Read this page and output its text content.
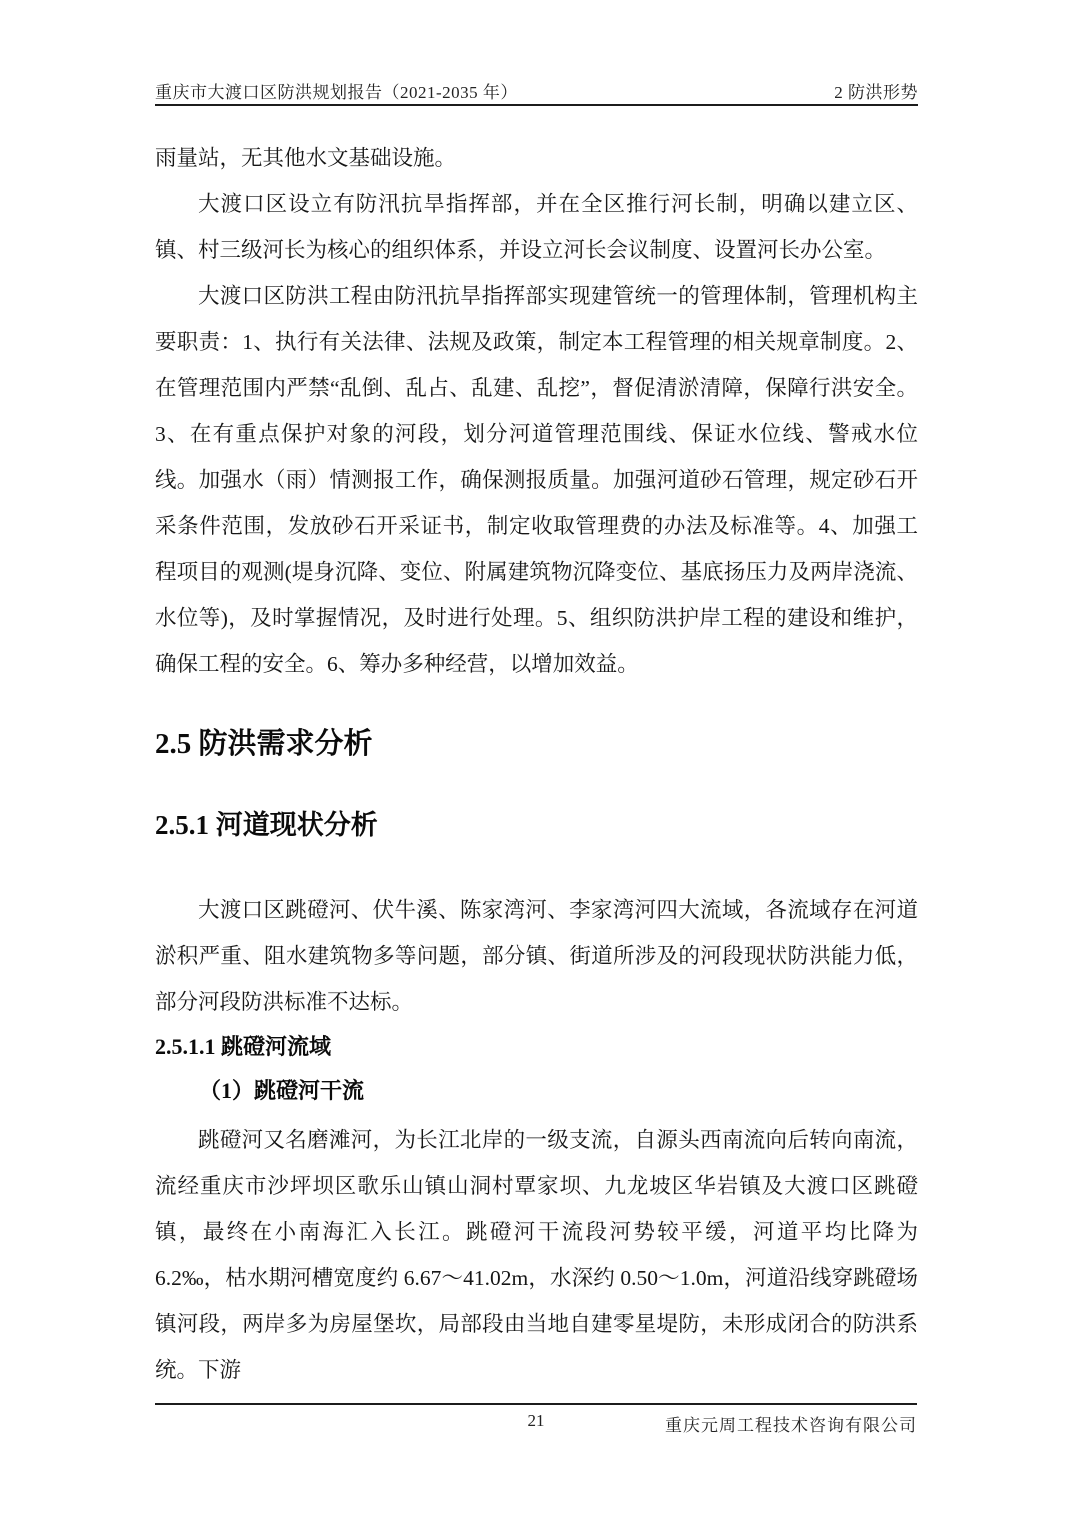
重庆市大渡口区防洪规划报告（2021-2035 年）	2 防洪形势

雨量站，无其他水文基础设施。

大渡口区设立有防汛抗旱指挥部，并在全区推行河长制，明确以建立区、镇、村三级河长为核心的组织体系，并设立河长会议制度、设置河长办公室。

大渡口区防洪工程由防汛抗旱指挥部实现建管统一的管理体制，管理机构主要职责：1、执行有关法律、法规及政策，制定本工程管理的相关规章制度。2、在管理范围内严禁“乱倒、乱占、乱建、乱挖”，督促清淤清障，保障行洪安全。3、在有重点保护对象的河段，划分河道管理范围线、保证水位线、警戒水位线。加强水（雨）情测报工作，确保测报质量。加强河道砂石管理，规定砂石开采条件范围，发放砂石开采证书，制定收取管理费的办法及标准等。4、加强工程项目的观测(堤身沉降、变位、附属建筑物沉降变位、基底扬压力及两岸浇流、水位等)，及时掌握情况，及时进行处理。5、组织防洪护岸工程的建设和维护，确保工程的安全。6、筹办多种经营，以增加效益。

2.5 防洪需求分析
2.5.1 河道现状分析

大渡口区跳磴河、伏牛溪、陈家湾河、李家湾河四大流域，各流域存在河道淤积严重、阻水建筑物多等问题，部分镇、街道所涉及的河段现状防洪能力低，部分河段防洪标准不达标。

2.5.1.1 跳磴河流域
（1）跳磴河干流

跳磴河又名磨滩河，为长江北岸的一级支流，自源头西南流向后转向南流，流经重庆市沙坪坝区歌乐山镇山洞村覃家坝、九龙坡区华岩镇及大渡口区跳磴镇，最终在小南海汇入长江。跳磴河干流段河势较平缓，河道平均比降为 6.2‰，枯水期河槽宽度约 6.67～41.02m，水深约 0.50～1.0m，河道沿线穿跳磴场镇河段，两岸多为房屋堡坎，局部段由当地自建零星堤防，未形成闭合的防洪系统。下游

21	重庆元周工程技术咨询有限公司
